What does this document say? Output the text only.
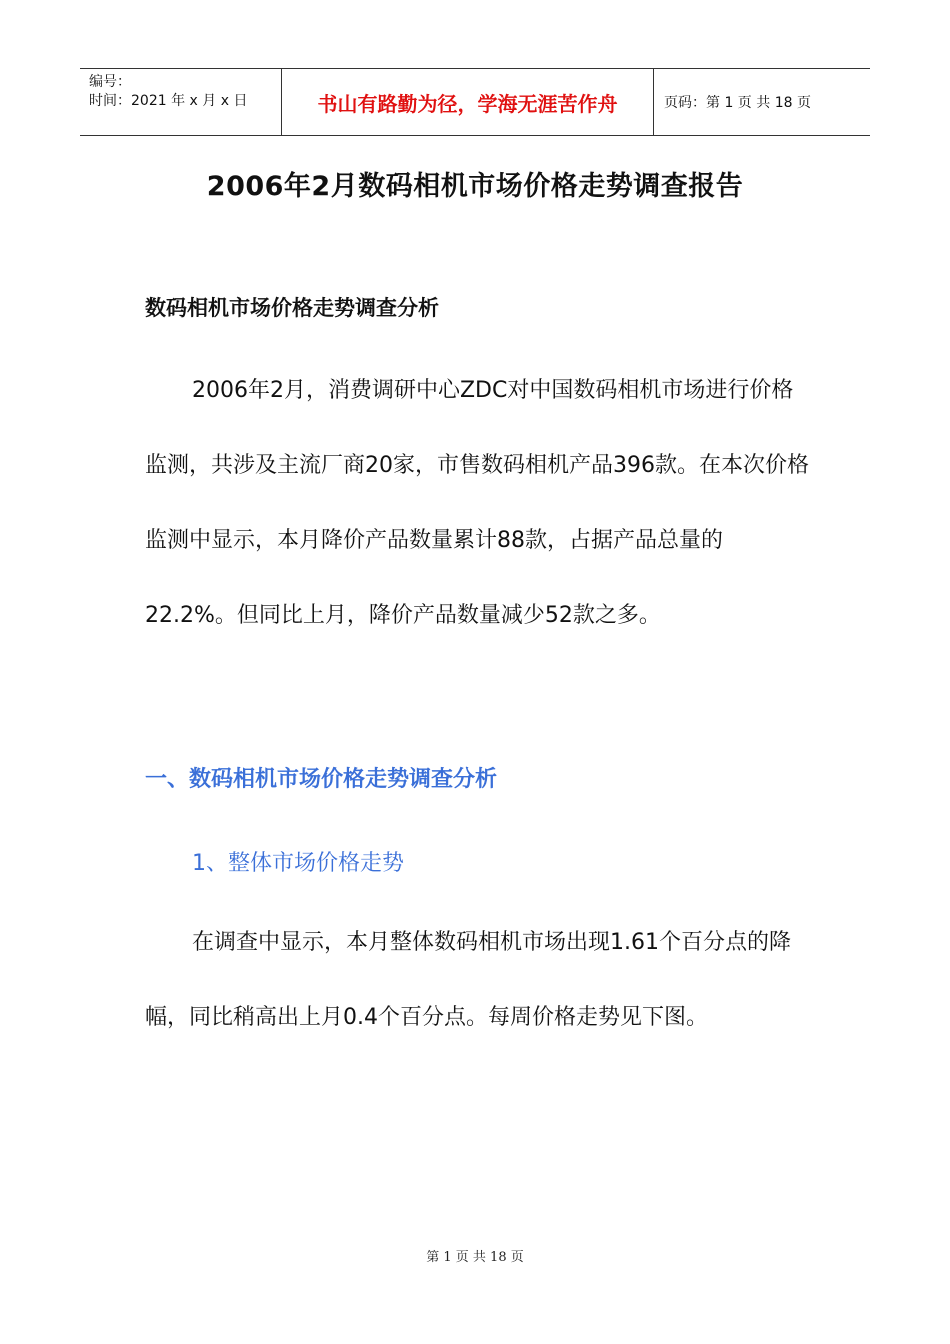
编号：
时间：2021 年 x 月 x 日	书山有路勤为径，学海无涯苦作舟	页码：第 1 页 共 18 页
2006年2月数码相机市场价格走势调查报告
数码相机市场价格走势调查分析

2006年2月，消费调研中心ZDC对中国数码相机市场进行价格监测，共涉及主流厂商20家，市售数码相机产品396款。在本次价格监测中显示，本月降价产品数量累计88款，占据产品总量的22.2%。但同比上月，降价产品数量减少52款之多。

一、数码相机市场价格走势调查分析
1、整体市场价格走势

在调查中显示，本月整体数码相机市场出现1.61个百分点的降幅，同比稍高出上月0.4个百分点。每周价格走势见下图。

第 1 页 共 18 页
